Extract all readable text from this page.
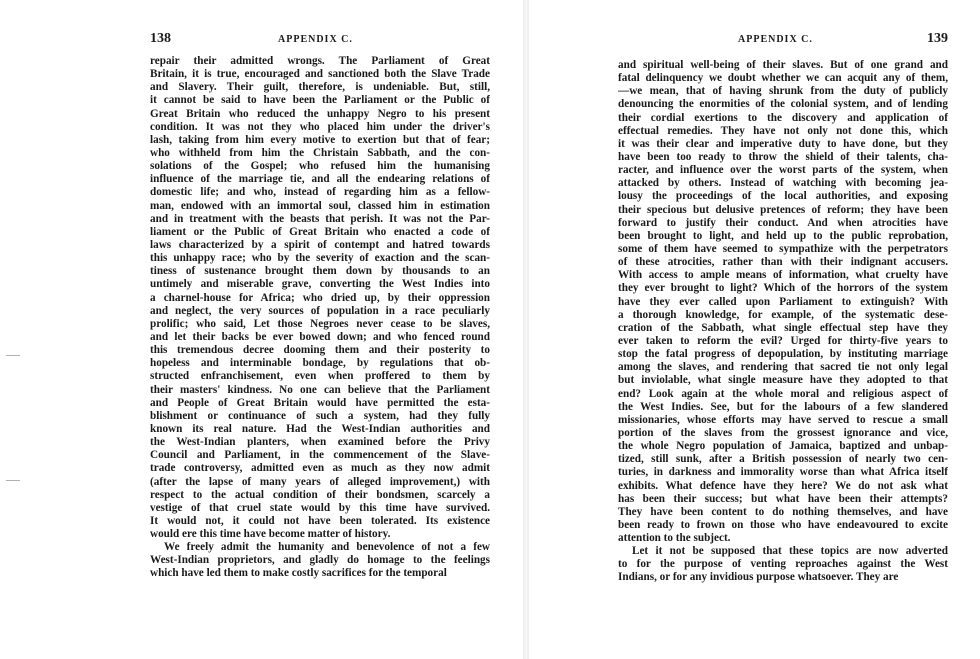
138	APPENDIX C.
repair their admitted wrongs. The Parliament of Great
Britain, it is true, encouraged and sanctioned both the Slave Trade
and Slavery. Their guilt, therefore, is undeniable. But, still,
it cannot be said to have been the Parliament or the Public of
Great Britain who reduced the unhappy Negro to his present
condition. It was not they who placed him under the driver's
lash, taking from him every motive to exertion but that of fear;
who withheld from him the Christain Sabbath, and the con-
solations of the Gospel; who refused him the humanising
influence of the marriage tie, and all the endearing relations of
domestic life; and who, instead of regarding him as a fellow-
man, endowed with an immortal soul, classed him in estimation
and in treatment with the beasts that perish. It was not the Par-
liament or the Public of Great Britain who enacted a code of
laws characterized by a spirit of contempt and hatred towards
this unhappy race; who by the severity of exaction and the scan-
tiness of sustenance brought them down by thousands to an
untimely and miserable grave, converting the West Indies into
a charnel-house for Africa; who dried up, by their oppression
and neglect, the very sources of population in a race peculiarly
prolific; who said, Let those Negroes never cease to be slaves,
and let their backs be ever bowed down; and who fenced round
this tremendous decree dooming them and their posterity to
hopeless and interminable bondage, by regulations that ob-
structed enfranchisement, even when proffered to them by
their masters' kindness. No one can believe that the Parliament
and People of Great Britain would have permitted the esta-
blishment or continuance of such a system, had they fully
known its real nature. Had the West-Indian authorities and
the West-Indian planters, when examined before the Privy
Council and Parliament, in the commencement of the Slave-
trade controversy, admitted even as much as they now admit
(after the lapse of many years of alleged improvement,) with
respect to the actual condition of their bondsmen, scarcely a
vestige of that cruel state would by this time have survived.
It would not, it could not have been tolerated. Its existence
would ere this time have become matter of history.
We freely admit the humanity and benevolence of not a few
West-Indian proprietors, and gladly do homage to the feelings
which have led them to make costly sacrifices for the temporal
APPENDIX C.	139
and spiritual well-being of their slaves. But of one grand and
fatal delinquency we doubt whether we can acquit any of them,
—we mean, that of having shrunk from the duty of publicly
denouncing the enormities of the colonial system, and of lending
their cordial exertions to the discovery and application of
effectual remedies. They have not only not done this, which
it was their clear and imperative duty to have done, but they
have been too ready to throw the shield of their talents, cha-
racter, and influence over the worst parts of the system, when
attacked by others. Instead of watching with becoming jea-
lousy the proceedings of the local authorities, and exposing
their specious but delusive pretences of reform; they have been
forward to justify their conduct. And when atrocities have
been brought to light, and held up to the public reprobation,
some of them have seemed to sympathize with the perpetrators
of these atrocities, rather than with their indignant accusers.
With access to ample means of information, what cruelty have
they ever brought to light? Which of the horrors of the system
have they ever called upon Parliament to extinguish? With
a thorough knowledge, for example, of the systematic dese-
cration of the Sabbath, what single effectual step have they
ever taken to reform the evil? Urged for thirty-five years to
stop the fatal progress of depopulation, by instituting marriage
among the slaves, and rendering that sacred tie not only legal
but inviolable, what single measure have they adopted to that
end? Look again at the whole moral and religious aspect of
the West Indies. See, but for the labours of a few slandered
missionaries, whose efforts may have served to rescue a small
portion of the slaves from the grossest ignorance and vice,
the whole Negro population of Jamaica, baptized and unbap-
tized, still sunk, after a British possession of nearly two cen-
turies, in darkness and immorality worse than what Africa itself
exhibits. What defence have they here? We do not ask what
has been their success; but what have been their attempts?
They have been content to do nothing themselves, and have
been ready to frown on those who have endeavoured to excite
attention to the subject.
Let it not be supposed that these topics are now adverted
to for the purpose of venting reproaches against the West
Indians, or for any invidious purpose whatsoever. They are
